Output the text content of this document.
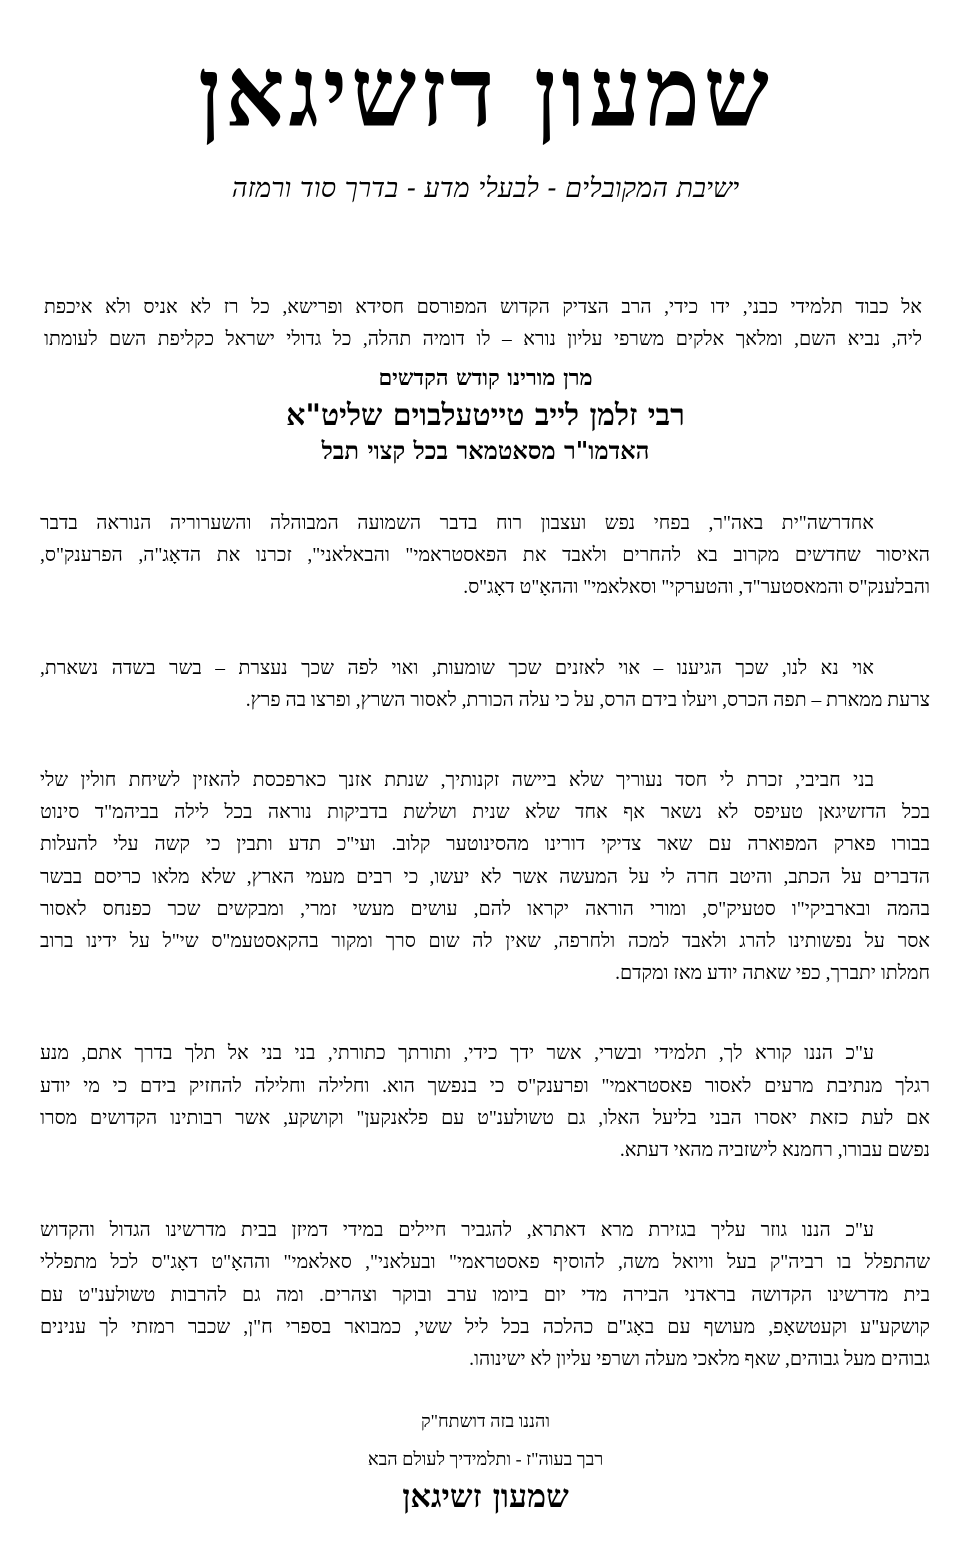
שמעון דזשיגאן
ישיבת המקובלים - לבעלי מדע - בדרך סוד ורמזה
אל כבוד תלמידי כבני, ידו כידי, הרב הצדיק הקדוש המפורסם חסידא ופרישא, כל רז לא אניס ולא איכפת
ליה, נביא השם, ומלאך אלקים משרפי עליון נורא – לו דומיה תהלה, כל גדולי ישראל כקליפת השם לעומתו
מרן מורינו קודש הקדשים
רבי זלמן לייב טייטעלבוים שליט"א
האדמו"ר מסאטמאר בכל קצוי תבל
אחדרשה"ית באה"ר, בפחי נפש ועצבון רוח בדבר השמועה המבוהלה והשערוריה הנוראה בדבר
האיסור שחדשים מקרוב בא להחרים ולאבד את הפאסטראמי" והבאלאני", זכרנו את הדאָג"ה, הפרענק"ס,
והבלענק"ס והמאסטער"ד, והטערקי" וסאלאמי" וההאָ"ט דאָג"ס.
אוי נא לנו, שכך הגיענו – אוי לאזנים שכך שומעות, ואוי לפה שכך נעצרת – בשר בשדה נשארת,
צרעת ממארת – תפה הכרס, ויעלו בידם הרס, על כי עלה הכורת, לאסור השרץ, ופרצו בה פרץ.
בני חביבי, זכרת לי חסד נעוריך שלא ביישה זקנותיך, שנתת אזנך כארפכסת להאזין לשיחת חולין שלי
בכל הדזשיגאן טעיפס לא נשאר אף אחד שלא שנית ושלשת בדביקות נוראה בכל לילה בביהמ"ד סינוט
בבורו פארק המפוארה עם שאר צדיקי דורינו מהסינוטער קלוב. ועי"כ תדע ותבין כי קשה עלי להעלות
הדברים על הכתב, והיטב חרה לי על המעשה אשר לא יעשו, כי רבים מעמי הארץ, שלא מלאו כריסם בבשר
בהמה ובארביקי"ו סטעיק"ס, ומורי הוראה יקראו להם, עושים מעשי זמרי, ומבקשים שכר כפנחס לאסור
אסר על נפשותינו להרג ולאבד למכה ולחרפה, שאין לה שום סרך ומקור בהקאסטעמ"ס שי"ל על ידינו ברוב
חמלתו יתברך, כפי שאתה יודע מאז ומקדם.
ע"כ הננו קורא לך, תלמידי ובשרי, אשר ידך כידי, ותורתך כתורתי, בני בני אל תלך בדרך אתם, מנע
רגלך מנתיבת מרעים לאסור פאסטראמי" ופרענק"ס כי בנפשך הוא. וחלילה וחלילה להחזיק בידם כי מי יודע
אם לעת כזאת יאסרו הבני בליעל האלו, גם טשולענ"ט עם פלאנקען" וקושקע, אשר רבותינו הקדושים מסרו
נפשם עבורו, רחמנא לישזביה מהאי דעתא.
ע"כ הננו גוזר עליך בגזירת מרא דאתרא, להגביר חיילים במידי דמיזן בבית מדרשינו הגדול והקדוש
שהתפלל בו רביה"ק בעל וויואל משה, להוסיף פאסטראמי" ובעלאני", סאלאמי" וההאָ"ט דאָג"ס לכל מתפללי
בית מדרשינו הקדושה בראדני הבירה מדי יום ביומו ערב ובוקר וצהרים. ומה גם להרבות טשולענ"ט עם
קושקע"ע וקעטשאָפ, מעושף עם באָג"ם כהלכה בכל ליל ששי, כמבואר בספרי ח"ן, שכבר רמזתי לך ענינים
גבוהים מעל גבוהים, שאף מלאכי מעלה ושרפי עליון לא ישינוהו.
והננו בזה דושתח"ק
רבך בעוה"ז - ותלמידיך לעולם הבא
שמעון זשיגאן
